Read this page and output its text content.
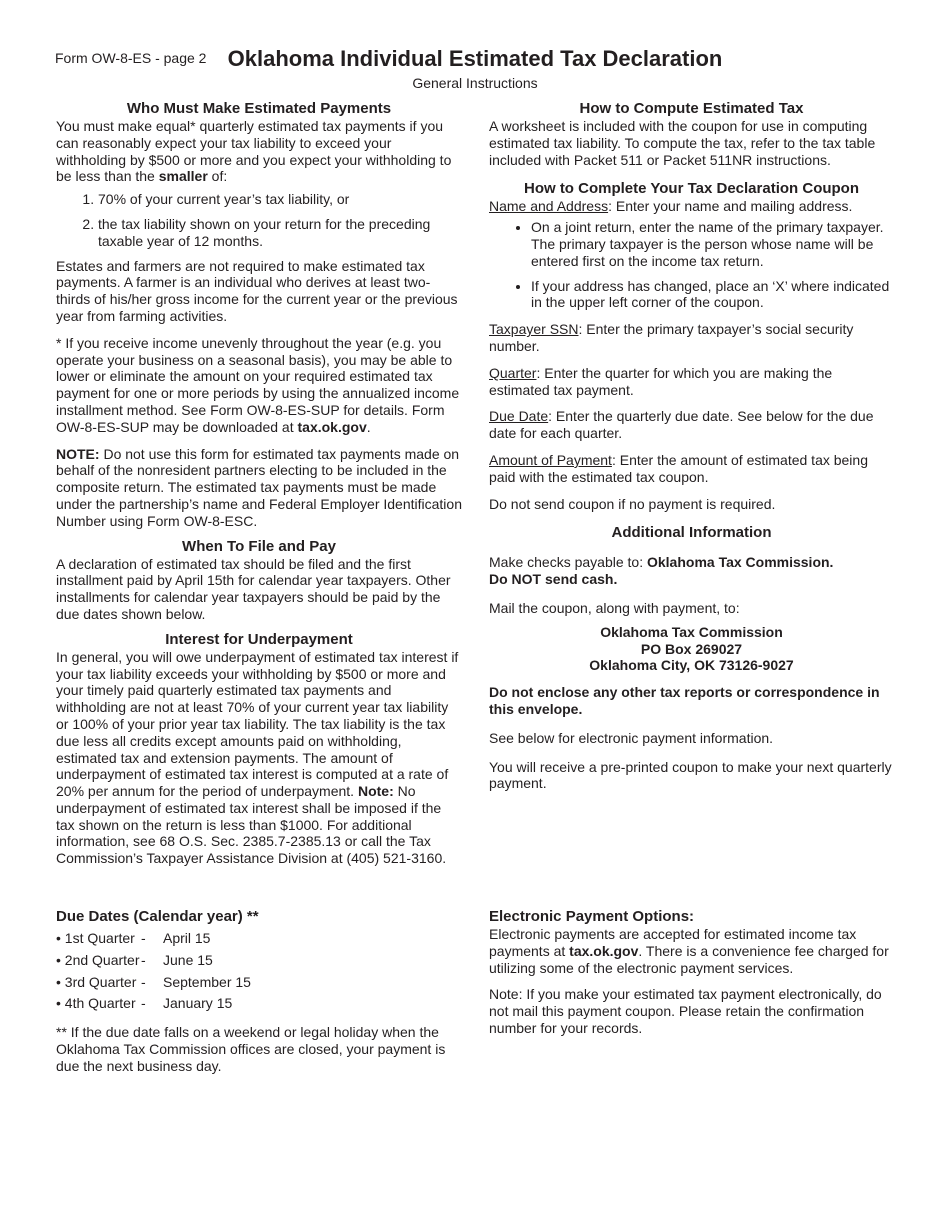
Form OW-8-ES - page 2 Oklahoma Individual Estimated Tax Declaration
General Instructions
Who Must Make Estimated Payments

You must make equal* quarterly estimated tax payments if you can reasonably expect your tax liability to exceed your withholding by $500 or more and you expect your withholding to be less than the smaller of:

1. 70% of your current year’s tax liability, or
2. the tax liability shown on your return for the preceding taxable year of 12 months.

Estates and farmers are not required to make estimated tax payments. A farmer is an individual who derives at least two-thirds of his/her gross income for the current year or the previous year from farming activities.

* If you receive income unevenly throughout the year (e.g. you operate your business on a seasonal basis), you may be able to lower or eliminate the amount on your required estimated tax payment for one or more periods by using the annualized income installment method. See Form OW-8-ES-SUP for details. Form OW-8-ES-SUP may be downloaded at tax.ok.gov.

NOTE: Do not use this form for estimated tax payments made on behalf of the nonresident partners electing to be included in the composite return. The estimated tax payments must be made under the partnership’s name and Federal Employer Identification Number using Form OW-8-ESC.

When To File and Pay

A declaration of estimated tax should be filed and the first installment paid by April 15th for calendar year taxpayers. Other installments for calendar year taxpayers should be paid by the due dates shown below.

Interest for Underpayment

In general, you will owe underpayment of estimated tax interest if your tax liability exceeds your withholding by $500 or more and your timely paid quarterly estimated tax payments and withholding are not at least 70% of your current year tax liability or 100% of your prior year tax liability. The tax liability is the tax due less all credits except amounts paid on withholding, estimated tax and extension payments. The amount of underpayment of estimated tax interest is computed at a rate of 20% per annum for the period of underpayment. Note: No underpayment of estimated tax interest shall be imposed if the tax shown on the return is less than $1000. For additional information, see 68 O.S. Sec. 2385.7-2385.13 or call the Tax Commission’s Taxpayer Assistance Division at (405) 521-3160.

How to Compute Estimated Tax

A worksheet is included with the coupon for use in computing estimated tax liability. To compute the tax, refer to the tax table included with Packet 511 or Packet 511NR instructions.

How to Complete Your Tax Declaration Coupon

Name and Address: Enter your name and mailing address.

• On a joint return, enter the name of the primary taxpayer. The primary taxpayer is the person whose name will be entered first on the income tax return.
• If your address has changed, place an ‘X’ where indicated in the upper left corner of the coupon.

Taxpayer SSN: Enter the primary taxpayer’s social security number.

Quarter: Enter the quarter for which you are making the estimated tax payment.

Due Date: Enter the quarterly due date. See below for the due date for each quarter.

Amount of Payment: Enter the amount of estimated tax being paid with the estimated tax coupon.

Do not send coupon if no payment is required.

Additional Information

Make checks payable to: Oklahoma Tax Commission.
Do NOT send cash.

Mail the coupon, along with payment, to:

Oklahoma Tax Commission
PO Box 269027
Oklahoma City, OK 73126-9027

Do not enclose any other tax reports or correspondence in this envelope.

See below for electronic payment information.

You will receive a pre-printed coupon to make your next quarterly payment.

Due Dates (Calendar year) **
• 1st Quarter -	April 15
• 2nd Quarter -	June 15
• 3rd Quarter -	September 15
• 4th Quarter -	January 15

** If the due date falls on a weekend or legal holiday when the Oklahoma Tax Commission offices are closed, your payment is due the next business day.

Electronic Payment Options:

Electronic payments are accepted for estimated income tax payments at tax.ok.gov. There is a convenience fee charged for utilizing some of the electronic payment services.

Note: If you make your estimated tax payment electronically, do not mail this payment coupon. Please retain the confirmation number for your records.
